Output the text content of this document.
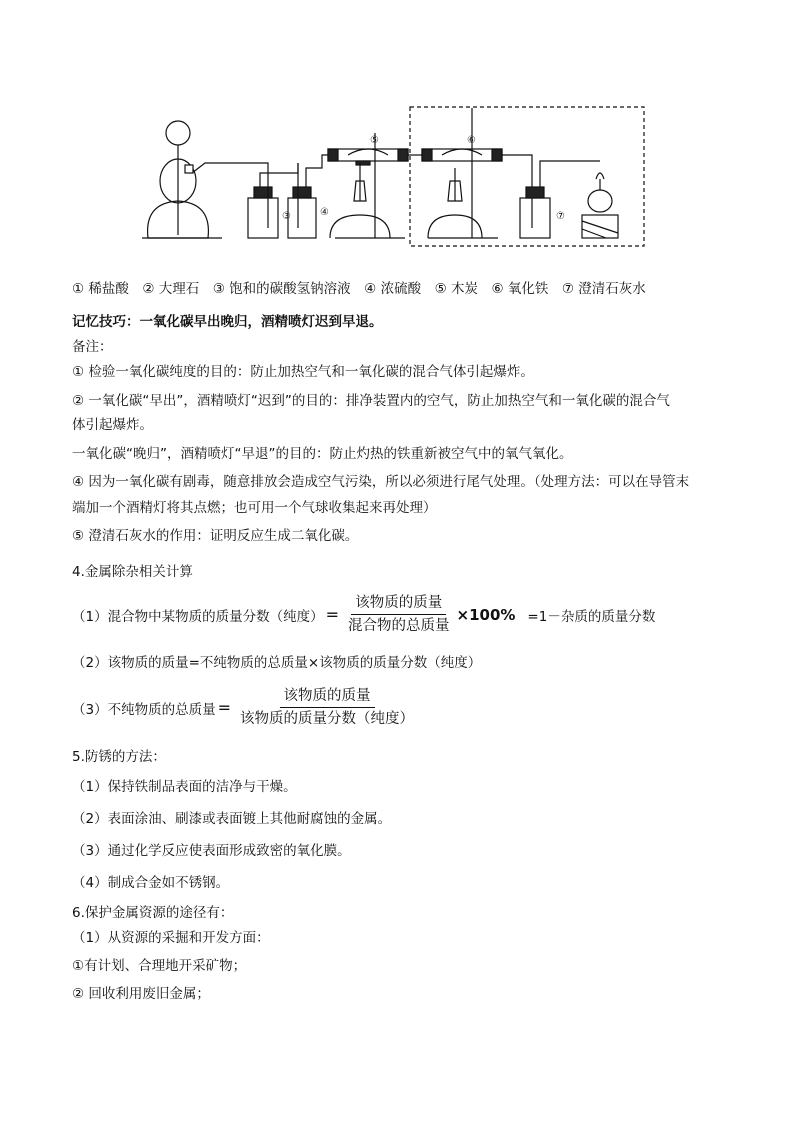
③	④
⑤	⑥
⑦
① 稀盐酸　② 大理石　③ 饱和的碳酸氢钠溶液　④ 浓硫酸　⑤ 木炭　⑥ 氧化铁　⑦ 澄清石灰水
记忆技巧：一氧化碳早出晚归，酒精喷灯迟到早退。
备注：
① 检验一氧化碳纯度的目的：防止加热空气和一氧化碳的混合气体引起爆炸。
② 一氧化碳“早出”，酒精喷灯“迟到”的目的：排净装置内的空气，防止加热空气和一氧化碳的混合气
体引起爆炸。
一氧化碳“晚归”，酒精喷灯“早退”的目的：防止灼热的铁重新被空气中的氧气氧化。
④ 因为一氧化碳有剧毒，随意排放会造成空气污染，所以必须进行尾气处理。（处理方法：可以在导管末
端加一个酒精灯将其点燃；也可用一个气球收集起来再处理）
⑤ 澄清石灰水的作用：证明反应生成二氧化碳。
4.金属除杂相关计算
（1）混合物中某物质的质量分数（纯度） = $\frac{\text{该物质的质量}}{\text{混合物的总质量}} \times 100\% =1-$杂质的质量分数
（2）该物质的质量=不纯物质的总质量×该物质的质量分数（纯度）
（3）不纯物质的总质量 = $\frac{\text{该物质的质量}}{\text{该物质的质量分数（纯度）}}$
5.防锈的方法：
（1）保持铁制品表面的洁净与干燥。
（2）表面涂油、刷漆或表面镀上其他耐腐蚀的金属。
（3）通过化学反应使表面形成致密的氧化膜。
（4）制成合金如不锈钢。
6.保护金属资源的途径有：
（1）从资源的采掘和开发方面：
①有计划、合理地开采矿物；
② 回收利用废旧金属；
